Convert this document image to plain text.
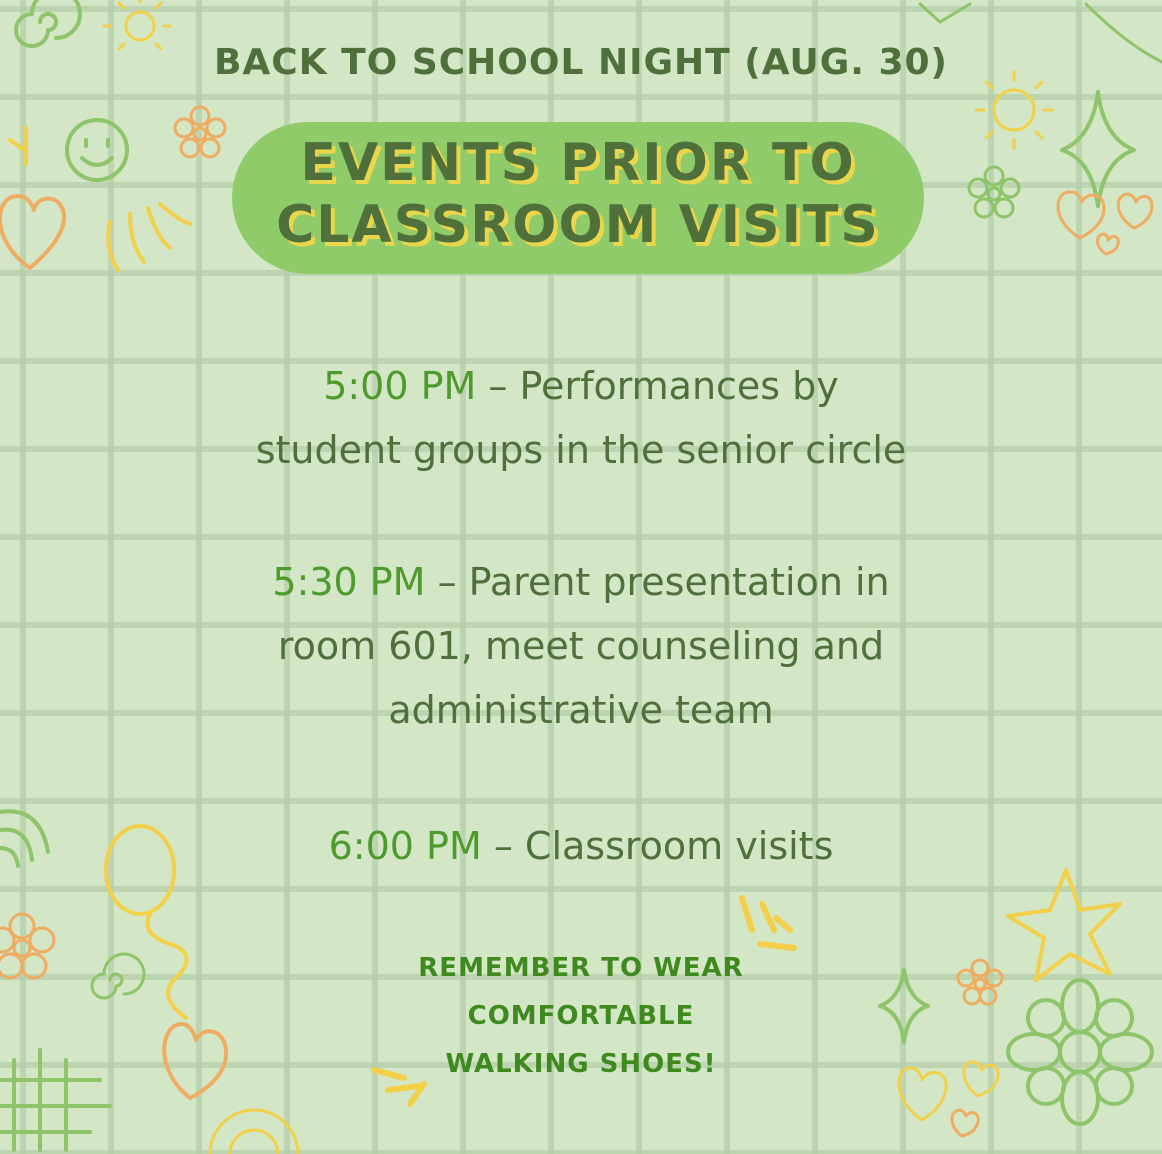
BACK TO SCHOOL NIGHT (AUG. 30)
EVENTS PRIOR TO
CLASSROOM VISITS
5:00 PM – Performances by
student groups in the senior circle
5:30 PM – Parent presentation in
room 601, meet counseling and
administrative team
6:00 PM – Classroom visits
REMEMBER TO WEAR
COMFORTABLE
WALKING SHOES!
